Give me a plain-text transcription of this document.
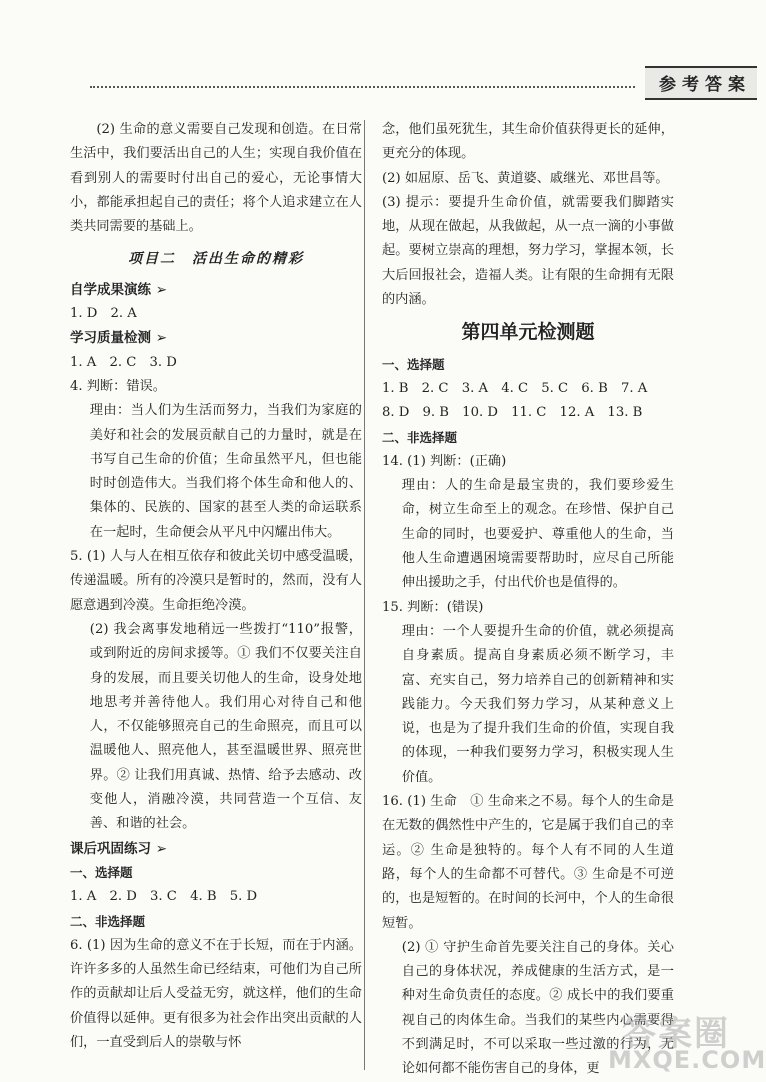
参考答案

(2) 生命的意义需要自己发现和创造。在日常生活中，我们要活出自己的人生；实现自我价值在看到别人的需要时付出自己的爱心，无论事情大小，都能承担起自己的责任；将个人追求建立在人类共同需要的基础上。

项目二　活出生命的精彩

自学成果演练 ➢

1. D　2. A

学习质量检测 ➢

1. A　2. C　3. D

4. 判断：错误。

理由：当人们为生活而努力，当我们为家庭的美好和社会的发展贡献自己的力量时，就是在书写自己生命的价值；生命虽然平凡，但也能时时创造伟大。当我们将个体生命和他人的、集体的、民族的、国家的甚至人类的命运联系在一起时，生命便会从平凡中闪耀出伟大。

5. (1) 人与人在相互依存和彼此关切中感受温暖，传递温暖。所有的冷漠只是暂时的，然而，没有人愿意遇到冷漠。生命拒绝冷漠。

(2) 我会离事发地稍远一些拨打“110”报警，或到附近的房间求援等。① 我们不仅要关注自身的发展，而且要关切他人的生命，设身处地地思考并善待他人。我们用心对待自己和他人，不仅能够照亮自己的生命照亮，而且可以温暖他人、照亮他人，甚至温暖世界、照亮世界。② 让我们用真诚、热情、给予去感动、改变他人，消融冷漠，共同营造一个互信、友善、和谐的社会。

课后巩固练习 ➢

一、选择题

1. A　2. D　3. C　4. B　5. D

二、非选择题

6. (1) 因为生命的意义不在于长短，而在于内涵。许许多多的人虽然生命已经结束，可他们为自己所作的贡献却让后人受益无穷，就这样，他们的生命价值得以延伸。更有很多为社会作出突出贡献的人们，一直受到后人的崇敬与怀

念，他们虽死犹生，其生命价值获得更长的延伸，更充分的体现。

(2) 如屈原、岳飞、黄道婆、戚继光、邓世昌等。

(3) 提示：要提升生命价值，就需要我们脚踏实地，从现在做起，从我做起，从一点一滴的小事做起。要树立崇高的理想，努力学习，掌握本领，长大后回报社会，造福人类。让有限的生命拥有无限的内涵。

第四单元检测题

一、选择题

1. B　2. C　3. A　4. C　5. C　6. B　7. A

8. D　9. B　10. D　11. C　12. A　13. B

二、非选择题

14. (1) 判断：(正确)

理由：人的生命是最宝贵的，我们要珍爱生命，树立生命至上的观念。在珍惜、保护自己生命的同时，也要爱护、尊重他人的生命，当他人生命遭遇困境需要帮助时，应尽自己所能伸出援助之手，付出代价也是值得的。

15. 判断：(错误)

理由：一个人要提升生命的价值，就必须提高自身素质。提高自身素质必须不断学习，丰富、充实自己，努力培养自己的创新精神和实践能力。今天我们努力学习，从某种意义上说，也是为了提升我们生命的价值，实现自我的体现，一种我们要努力学习，积极实现人生价值。

16. (1) 生命　① 生命来之不易。每个人的生命是在无数的偶然性中产生的，它是属于我们自己的幸运。② 生命是独特的。每个人有不同的人生道路，每个人的生命都不可替代。③ 生命是不可逆的，也是短暂的。在时间的长河中，个人的生命很短暂。

(2) ① 守护生命首先要关注自己的身体。关心自己的身体状况，养成健康的生活方式，是一种对生命负责任的态度。② 成长中的我们要重视自己的肉体生命。当我们的某些内心需要得不到满足时，不可以采取一些过激的行为，无论如何都不能伤害自己的身体，更

答案圈
MXQE.COM
